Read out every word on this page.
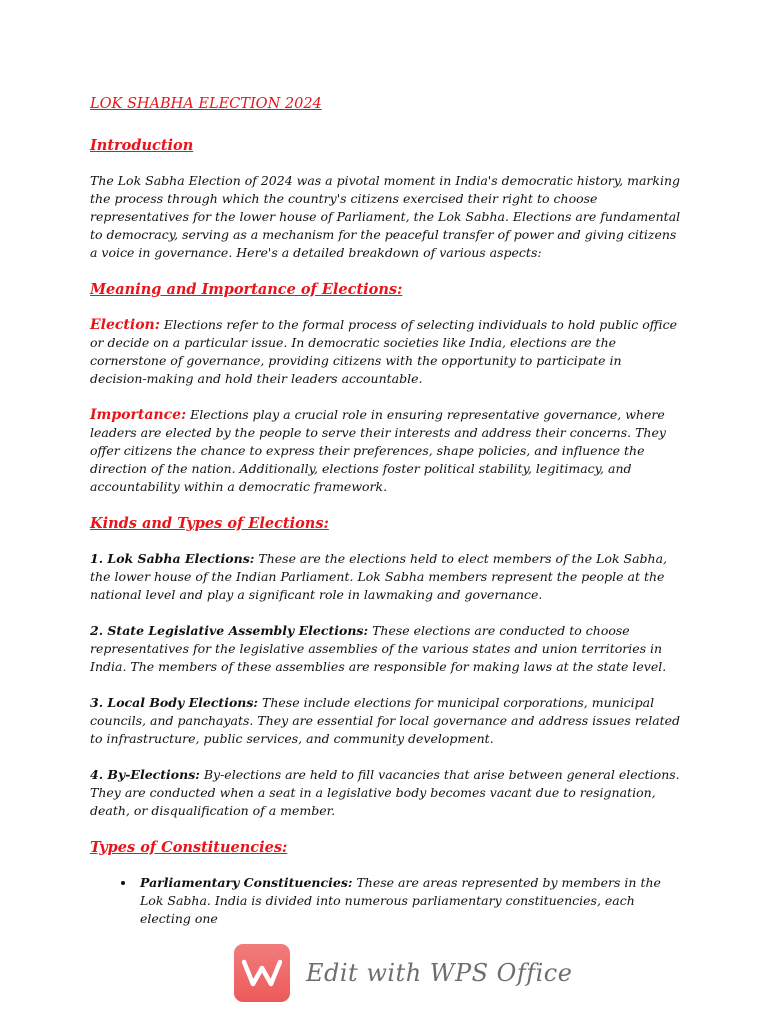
LOK SHABHA ELECTION 2024
Introduction

The Lok Sabha Election of 2024 was a pivotal moment in India's democratic history, marking the process through which the country's citizens exercised their right to choose representatives for the lower house of Parliament, the Lok Sabha. Elections are fundamental to democracy, serving as a mechanism for the peaceful transfer of power and giving citizens a voice in governance. Here's a detailed breakdown of various aspects:

Meaning and Importance of Elections:

Election: Elections refer to the formal process of selecting individuals to hold public office or decide on a particular issue. In democratic societies like India, elections are the cornerstone of governance, providing citizens with the opportunity to participate in decision-making and hold their leaders accountable.

Importance: Elections play a crucial role in ensuring representative governance, where leaders are elected by the people to serve their interests and address their concerns. They offer citizens the chance to express their preferences, shape policies, and influence the direction of the nation. Additionally, elections foster political stability, legitimacy, and accountability within a democratic framework.

Kinds and Types of Elections:

1. Lok Sabha Elections: These are the elections held to elect members of the Lok Sabha, the lower house of the Indian Parliament. Lok Sabha members represent the people at the national level and play a significant role in lawmaking and governance.

2. State Legislative Assembly Elections: These elections are conducted to choose representatives for the legislative assemblies of the various states and union territories in India. The members of these assemblies are responsible for making laws at the state level.

3. Local Body Elections: These include elections for municipal corporations, municipal councils, and panchayats. They are essential for local governance and address issues related to infrastructure, public services, and community development.

4. By-Elections: By-elections are held to fill vacancies that arise between general elections. They are conducted when a seat in a legislative body becomes vacant due to resignation, death, or disqualification of a member.

Types of Constituencies:
• Parliamentary Constituencies: These are areas represented by members in the Lok Sabha. India is divided into numerous parliamentary constituencies, each electing one
Edit with WPS Office
